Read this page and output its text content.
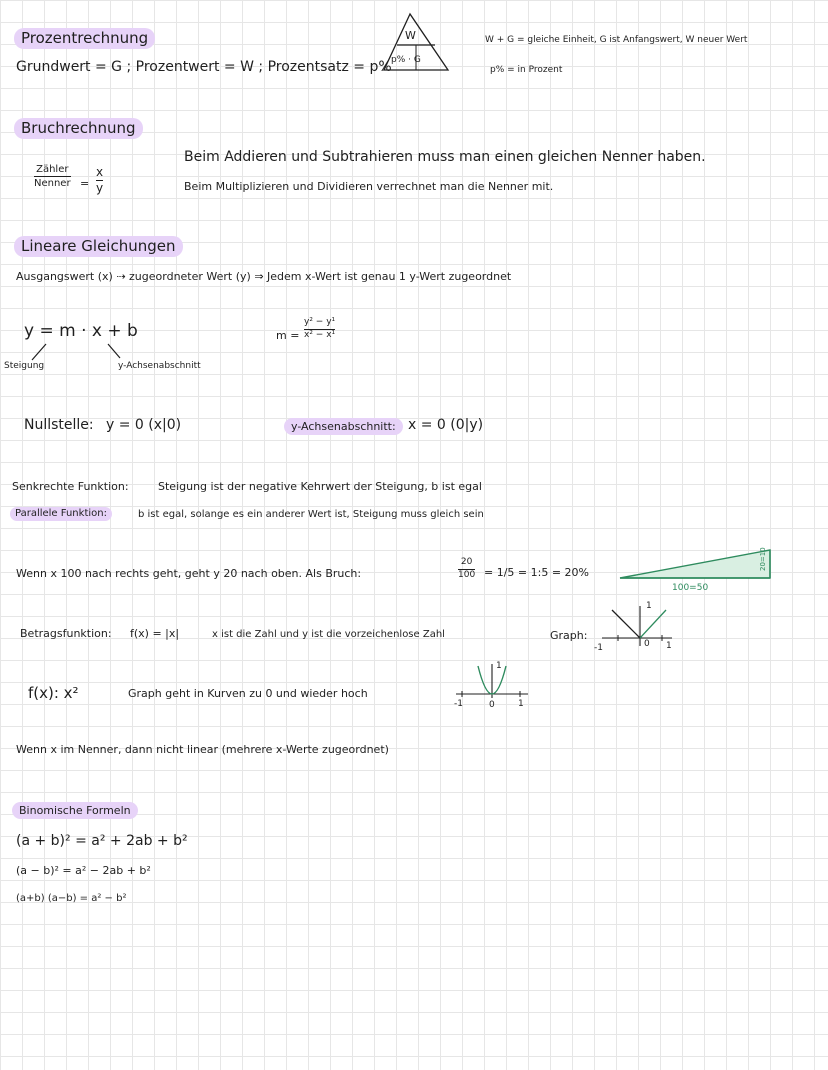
Prozentrechnung
Grundwert = G ; Prozentwert = W ; Prozentsatz = p%
W
p% · G
W + G = gleiche Einheit, G ist Anfangswert, W neuer Wert
p% = in Prozent
Bruchrechnung
Zähler
Nenner =
x
y
Beim Addieren und Subtrahieren muss man einen gleichen Nenner haben.
Beim Multiplizieren und Dividieren verrechnet man die Nenner mit.
Lineare Gleichungen
Ausgangswert (x) ⇢ zugeordneter Wert (y) ⇒ Jedem x-Wert ist genau 1 y-Wert zugeordnet
y = m · x + b
Steigung	y-Achsenabschnitt
m =
y² − y¹
x² − x¹
Nullstelle: y = 0 (x|0)	y-Achsenabschnitt: x = 0 (0|y)
Senkrechte Funktion:	Steigung ist der negative Kehrwert der Steigung, b ist egal
Parallele Funktion:	b ist egal, solange es ein anderer Wert ist, Steigung muss gleich sein
Wenn x 100 nach rechts geht, geht y 20 nach oben. Als Bruch:
20
100 = 1/5 = 1:5 = 20%
100=50
20=10
Betragsfunktion: f(x) = |x|	x ist die Zahl und y ist die vorzeichenlose Zahl	Graph:
-1	0 1
1
f(x): x²	Graph geht in Kurven zu 0 und wieder hoch
-1	0	1
1
Wenn x im Nenner, dann nicht linear (mehrere x-Werte zugeordnet)
Binomische Formeln
(a + b)² = a² + 2ab + b²
(a − b)² = a² − 2ab + b²
(a+b) (a−b) = a² − b²
